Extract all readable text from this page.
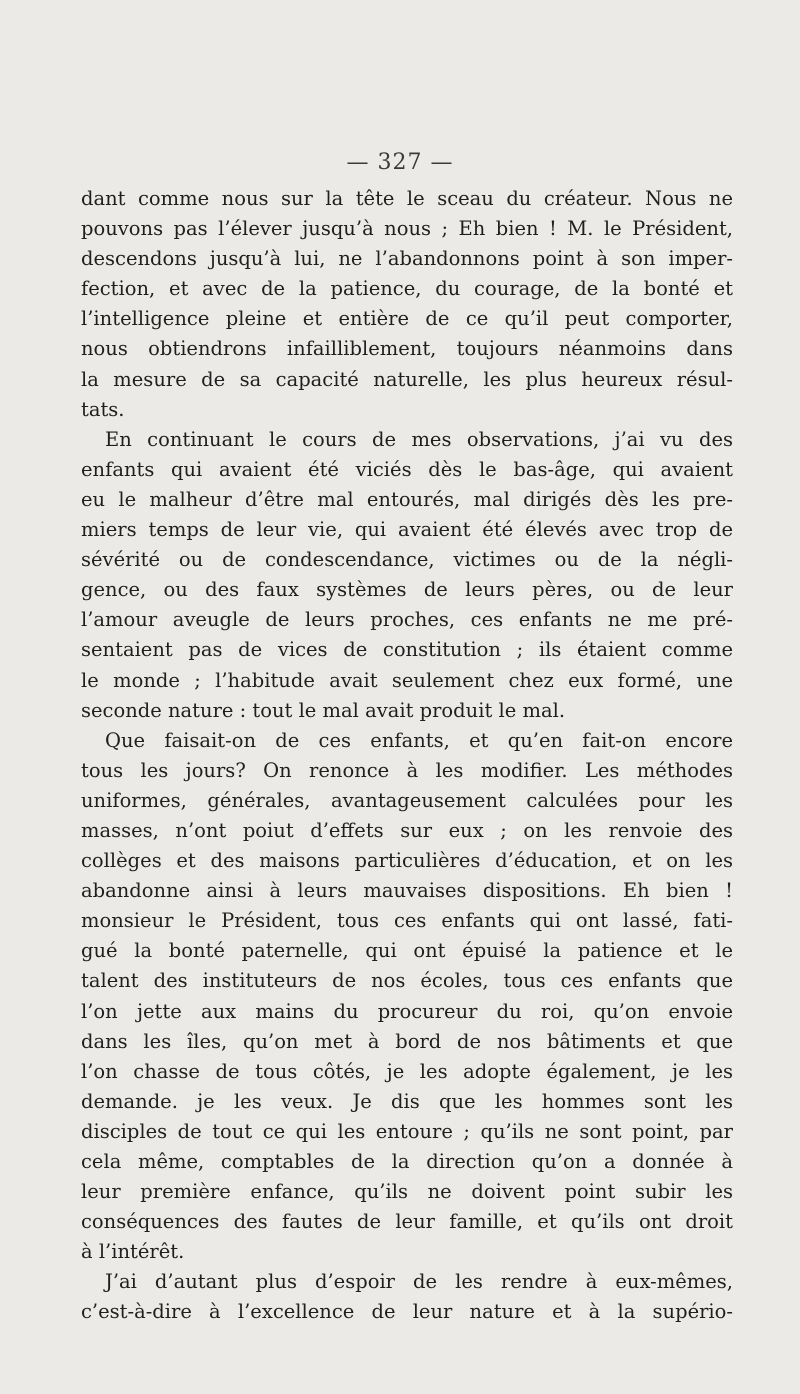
— 327 —

dant comme nous sur la tête le sceau du créateur. Nous ne
pouvons pas l’élever jusqu’à nous ; Eh bien ! M. le Président,
descendons jusqu’à lui, ne l’abandonnons point à son imper-
fection, et avec de la patience, du courage, de la bonté et
l’intelligence pleine et entière de ce qu’il peut comporter,
nous obtiendrons infailliblement, toujours néanmoins dans
la mesure de sa capacité naturelle, les plus heureux résul-
tats.
En continuant le cours de mes observations, j’ai vu des
enfants qui avaient été viciés dès le bas-âge, qui avaient
eu le malheur d’être mal entourés, mal dirigés dès les pre-
miers temps de leur vie, qui avaient été élevés avec trop de
sévérité ou de condescendance, victimes ou de la négli-
gence, ou des faux systèmes de leurs pères, ou de leur
l’amour aveugle de leurs proches, ces enfants ne me pré-
sentaient pas de vices de constitution ; ils étaient comme
le monde ; l’habitude avait seulement chez eux formé, une
seconde nature : tout le mal avait produit le mal.
Que faisait-on de ces enfants, et qu’en fait-on encore
tous les jours? On renonce à les modifier. Les méthodes
uniformes, générales, avantageusement calculées pour les
masses, n’ont poiut d’effets sur eux ; on les renvoie des
collèges et des maisons particulières d’éducation, et on les
abandonne ainsi à leurs mauvaises dispositions. Eh bien !
monsieur le Président, tous ces enfants qui ont lassé, fati-
gué la bonté paternelle, qui ont épuisé la patience et le
talent des instituteurs de nos écoles, tous ces enfants que
l’on jette aux mains du procureur du roi, qu’on envoie
dans les îles, qu’on met à bord de nos bâtiments et que
l’on chasse de tous côtés, je les adopte également, je les
demande. je les veux. Je dis que les hommes sont les
disciples de tout ce qui les entoure ; qu’ils ne sont point, par
cela même, comptables de la direction qu’on a donnée à
leur première enfance, qu’ils ne doivent point subir les
conséquences des fautes de leur famille, et qu’ils ont droit
à l’intérêt.
J’ai d’autant plus d’espoir de les rendre à eux-mêmes,
c’est-à-dire à l’excellence de leur nature et à la supério-
